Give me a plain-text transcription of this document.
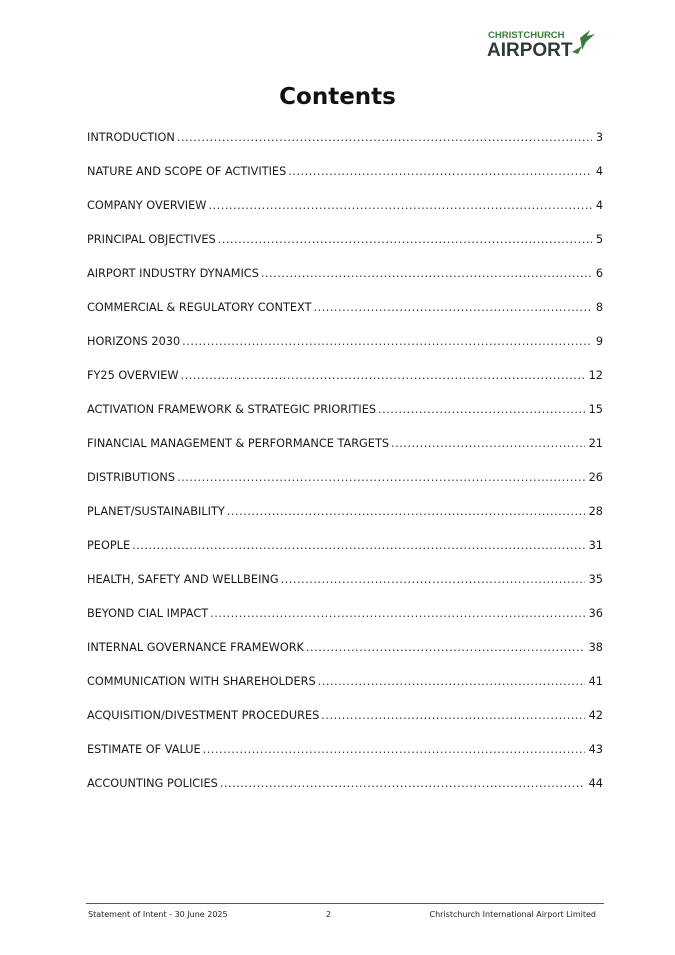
CHRISTCHURCH
AIRPORT
Contents
INTRODUCTION .....	3
NATURE AND SCOPE OF ACTIVITIES .....	4
COMPANY OVERVIEW .....	4
PRINCIPAL OBJECTIVES .....	5
AIRPORT INDUSTRY DYNAMICS .....	6
COMMERCIAL & REGULATORY CONTEXT .....	8
HORIZONS 2030 .....	9
FY25 OVERVIEW .....	12
ACTIVATION FRAMEWORK & STRATEGIC PRIORITIES .....	15
FINANCIAL MANAGEMENT & PERFORMANCE TARGETS .....	21
DISTRIBUTIONS .....	26
PLANET/SUSTAINABILITY .....	28
PEOPLE .....	31
HEALTH, SAFETY AND WELLBEING .....	35
BEYOND CIAL IMPACT .....	36
INTERNAL GOVERNANCE FRAMEWORK .....	38
COMMUNICATION WITH SHAREHOLDERS .....	41
ACQUISITION/DIVESTMENT PROCEDURES .....	42
ESTIMATE OF VALUE .....	43
ACCOUNTING POLICIES .....	44
Statement of Intent - 30 June 2025	2	Christchurch International Airport Limited
